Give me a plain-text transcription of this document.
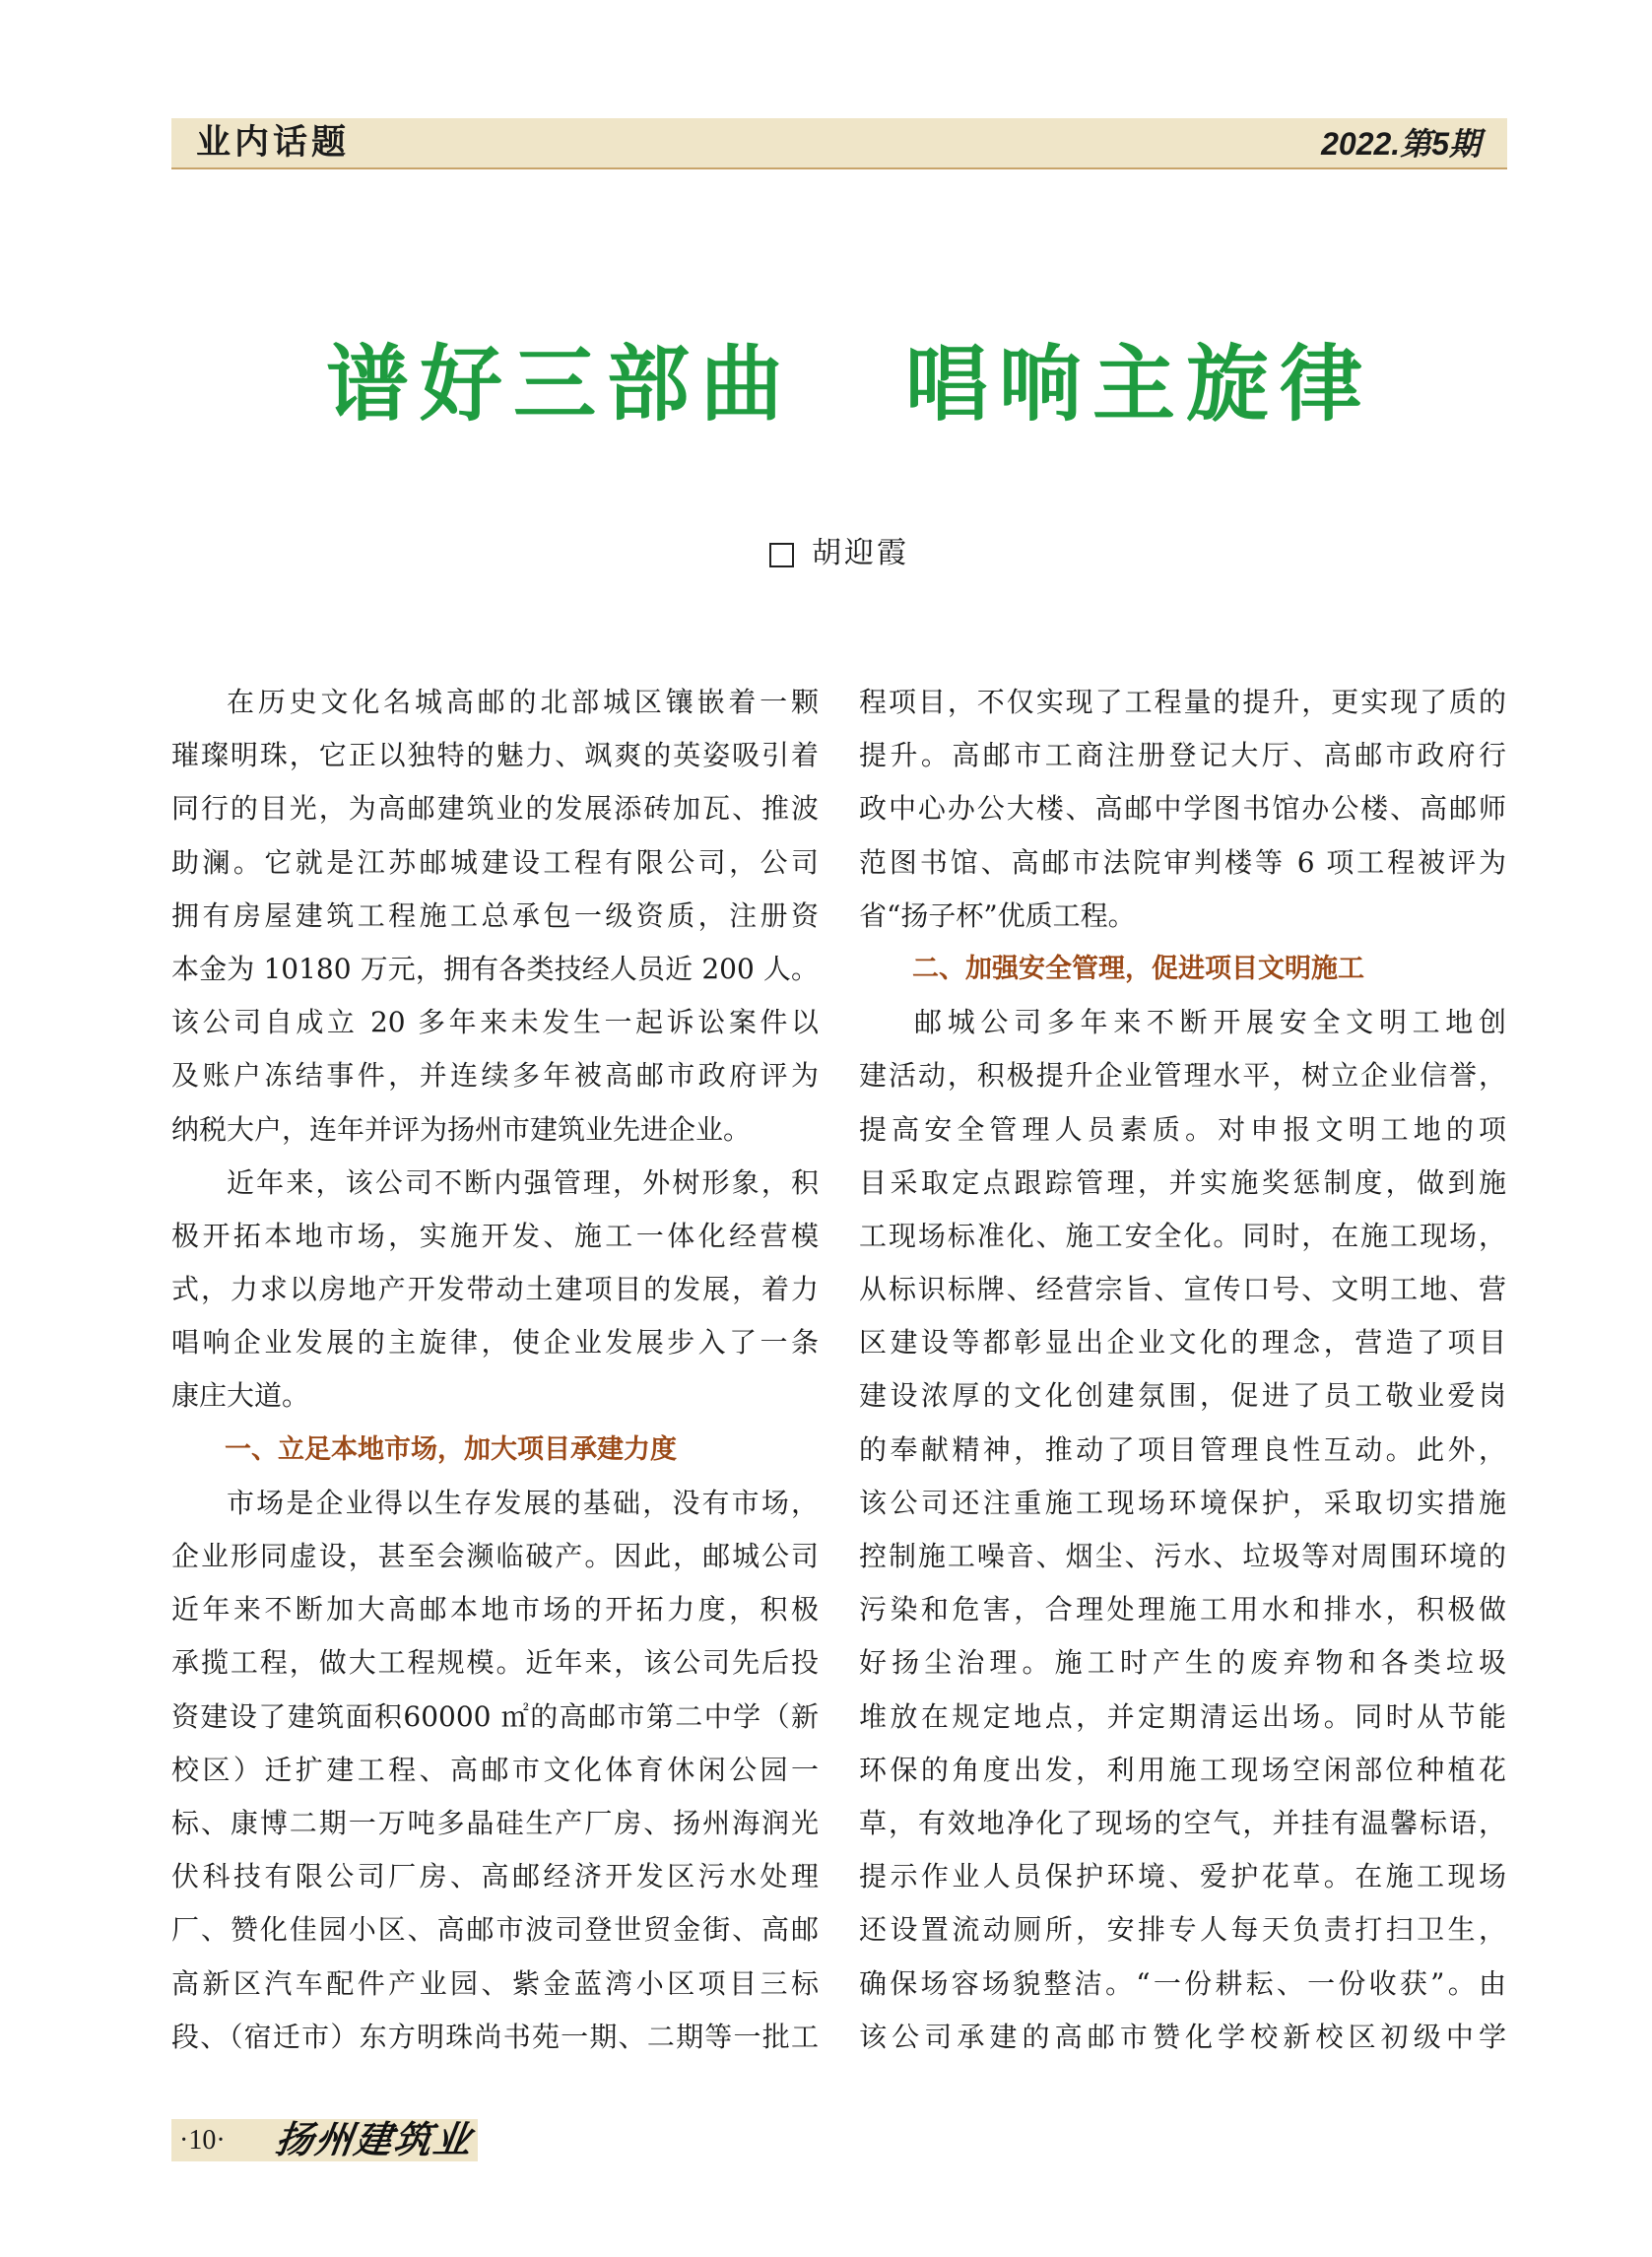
业内话题	2022.第5期
谱好三部曲 唱响主旋律
胡迎霞
在历史文化名城高邮的北部城区镶嵌着一颗
璀璨明珠，它正以独特的魅力、飒爽的英姿吸引着
同行的目光，为高邮建筑业的发展添砖加瓦、推波
助澜。它就是江苏邮城建设工程有限公司，公司
拥有房屋建筑工程施工总承包一级资质，注册资
本金为 10180 万元，拥有各类技经人员近 200 人。
该公司自成立 20 多年来未发生一起诉讼案件以
及账户冻结事件，并连续多年被高邮市政府评为
纳税大户，连年并评为扬州市建筑业先进企业。
近年来，该公司不断内强管理，外树形象，积
极开拓本地市场，实施开发、施工一体化经营模
式，力求以房地产开发带动土建项目的发展，着力
唱响企业发展的主旋律，使企业发展步入了一条
康庄大道。
一、立足本地市场，加大项目承建力度
市场是企业得以生存发展的基础，没有市场，
企业形同虚设，甚至会濒临破产。因此，邮城公司
近年来不断加大高邮本地市场的开拓力度，积极
承揽工程，做大工程规模。近年来，该公司先后投
资建设了建筑面积60000 ㎡的高邮市第二中学（新
校区）迁扩建工程、高邮市文化体育休闲公园一
标、康博二期一万吨多晶硅生产厂房、扬州海润光
伏科技有限公司厂房、高邮经济开发区污水处理
厂、赞化佳园小区、高邮市波司登世贸金街、高邮
高新区汽车配件产业园、紫金蓝湾小区项目三标
段、（宿迁市）东方明珠尚书苑一期、二期等一批工
程项目，不仅实现了工程量的提升，更实现了质的
提升。高邮市工商注册登记大厅、高邮市政府行
政中心办公大楼、高邮中学图书馆办公楼、高邮师
范图书馆、高邮市法院审判楼等 6 项工程被评为
省“扬子杯”优质工程。
二、加强安全管理，促进项目文明施工
邮城公司多年来不断开展安全文明工地创
建活动，积极提升企业管理水平，树立企业信誉，
提高安全管理人员素质。对申报文明工地的项
目采取定点跟踪管理，并实施奖惩制度，做到施
工现场标准化、施工安全化。同时，在施工现场，
从标识标牌、经营宗旨、宣传口号、文明工地、营
区建设等都彰显出企业文化的理念，营造了项目
建设浓厚的文化创建氛围，促进了员工敬业爱岗
的奉献精神，推动了项目管理良性互动。此外，
该公司还注重施工现场环境保护，采取切实措施
控制施工噪音、烟尘、污水、垃圾等对周围环境的
污染和危害，合理处理施工用水和排水，积极做
好扬尘治理。施工时产生的废弃物和各类垃圾
堆放在规定地点，并定期清运出场。同时从节能
环保的角度出发，利用施工现场空闲部位种植花
草，有效地净化了现场的空气，并挂有温馨标语，
提示作业人员保护环境、爱护花草。在施工现场
还设置流动厕所，安排专人每天负责打扫卫生，
确保场容场貌整洁。“一份耕耘、一份收获”。由
该公司承建的高邮市赞化学校新校区初级中学
·10· 扬州建筑业
